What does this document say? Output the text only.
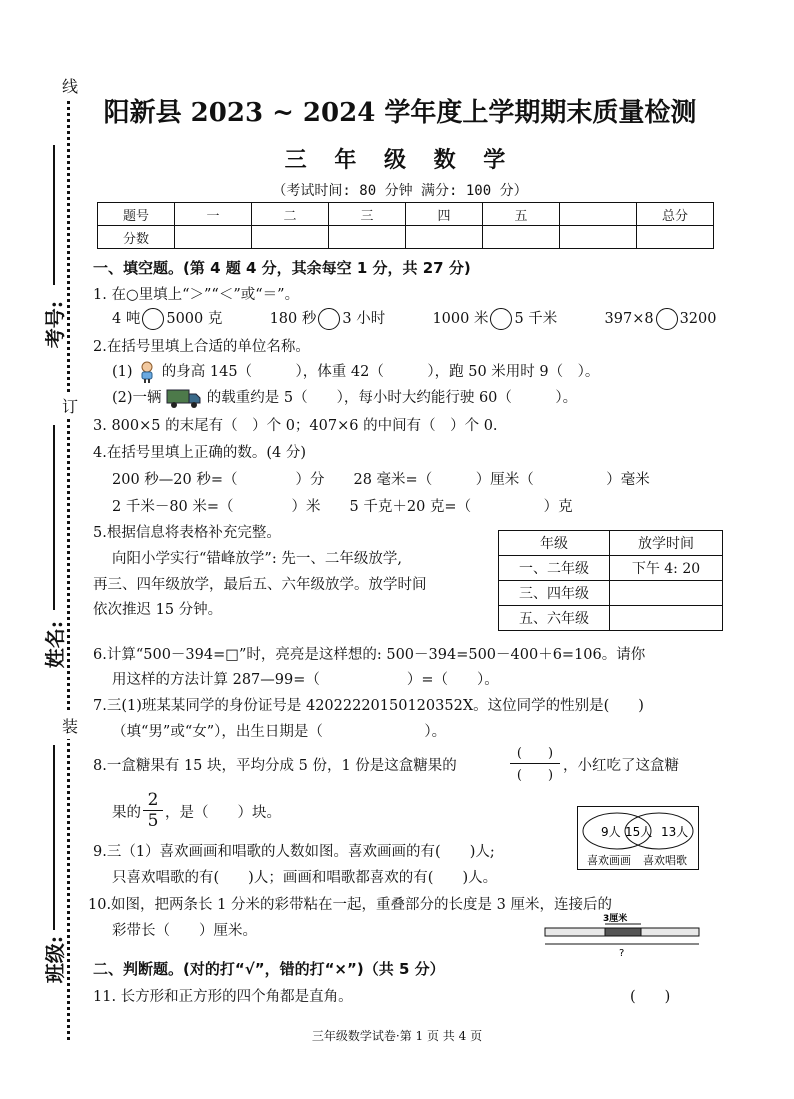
考号:
姓名:
班级:
线
订
装
阳新县 2023 ~ 2024 学年度上学期期末质量检测
三 年 级 数 学
（考试时间: 80 分钟 满分: 100 分）
题号	一	二	三	四	五		总分
分数							
一、填空题。(第 4 题 4 分，其余每空 1 分，共 27 分)
1. 在○里填上“＞”“＜”或“＝”。
4 吨 5000 克	180 秒 3 小时	1000 米 5 千米	397×8 3200
2.在括号里填上合适的单位名称。
(1) 的身高 145（　　　），体重 42（　　　），跑 50 米用时 9（　）。
(2)一辆	的载重约是 5（　　），每小时大约能行驶 60（　　　）。
3. 800×5 的末尾有（　）个 0；407×6 的中间有（　）个 0.
4.在括号里填上正确的数。(4 分)
200 秒—20 秒=（　　　　）分　　28 毫米=（　　　）厘米（　　　　　）毫米
2 千米－80 米=（　　　　）米　　5 千克＋20 克=（　　　　　）克
5.根据信息将表格补充完整。
向阳小学实行“错峰放学”: 先一、二年级放学,
再三、四年级放学，最后五、六年级放学。放学时间
依次推迟 15 分钟。
年级	放学时间
一、二年级	下午 4: 20
三、四年级	
五、六年级	
6.计算“500－394=□”时，亮亮是这样想的: 500－394=500－400＋6=106。请你
用这样的方法计算 287—99=（　　　　　　）=（　　）。
7.三(1)班某某同学的身份证号是 42022220150120352X。这位同学的性别是(　　)
（填“男”或“女”），出生日期是（　　　　　　　）。
8.一盒糖果有 15 块，平均分成 5 份，1 份是这盒糖果的
(　　)
(　　)
，小红吃了这盒糖
果的 $\frac{2}{5}$ ，是（　　）块。
9人 15人 13人
喜欢画画 喜欢唱歌
9.三（1）喜欢画画和唱歌的人数如图。喜欢画画的有(　　)人;
只喜欢唱歌的有(　　)人；画画和唱歌都喜欢的有(　　)人。
10.如图，把两条长 1 分米的彩带粘在一起，重叠部分的长度是 3 厘米，连接后的
彩带长（　　）厘米。
3厘米
?
二、判断题。(对的打“√”，错的打“×”)（共 5 分）
11. 长方形和正方形的四个角都是直角。	(　　)
三年级数学试卷·第 1 页 共 4 页
